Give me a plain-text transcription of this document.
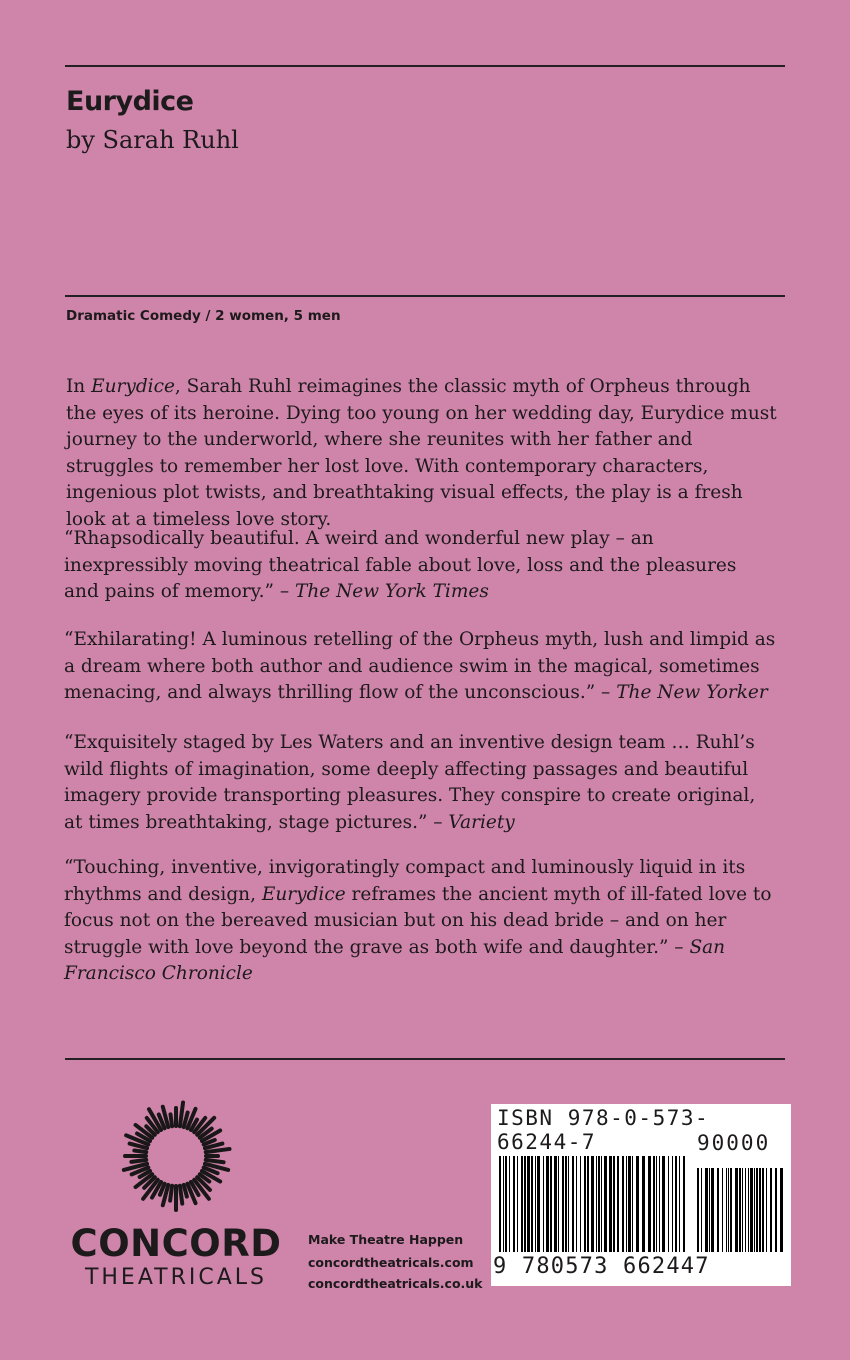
Eurydice

by Sarah Ruhl

Dramatic Comedy / 2 women, 5 men

In Eurydice, Sarah Ruhl reimagines the classic myth of Orpheus through the eyes of its heroine. Dying too young on her wedding day, Eurydice must journey to the underworld, where she reunites with her father and struggles to remember her lost love. With contemporary characters, ingenious plot twists, and breathtaking visual effects, the play is a fresh look at a timeless love story.

“Rhapsodically beautiful. A weird and wonderful new play – an inexpressibly moving theatrical fable about love, loss and the pleasures and pains of memory.” – The New York Times

“Exhilarating! A luminous retelling of the Orpheus myth, lush and limpid as a dream where both author and audience swim in the magical, sometimes menacing, and always thrilling flow of the unconscious.” – The New Yorker

“Exquisitely staged by Les Waters and an inventive design team … Ruhl’s wild flights of imagination, some deeply affecting passages and beautiful imagery provide transporting pleasures. They conspire to create original, at times breathtaking, stage pictures.” – Variety

“Touching, inventive, invigoratingly compact and luminously liquid in its rhythms and design, Eurydice reframes the ancient myth of ill-fated love to focus not on the bereaved musician but on his dead bride – and on her struggle with love beyond the grave as both wife and daughter.” – San Francisco Chronicle

CONCORD
THEATRICALS
Make Theatre Happen
concordtheatricals.com
concordtheatricals.co.uk
ISBN 978-0-573-66244-7	90000
9 780573 662447
